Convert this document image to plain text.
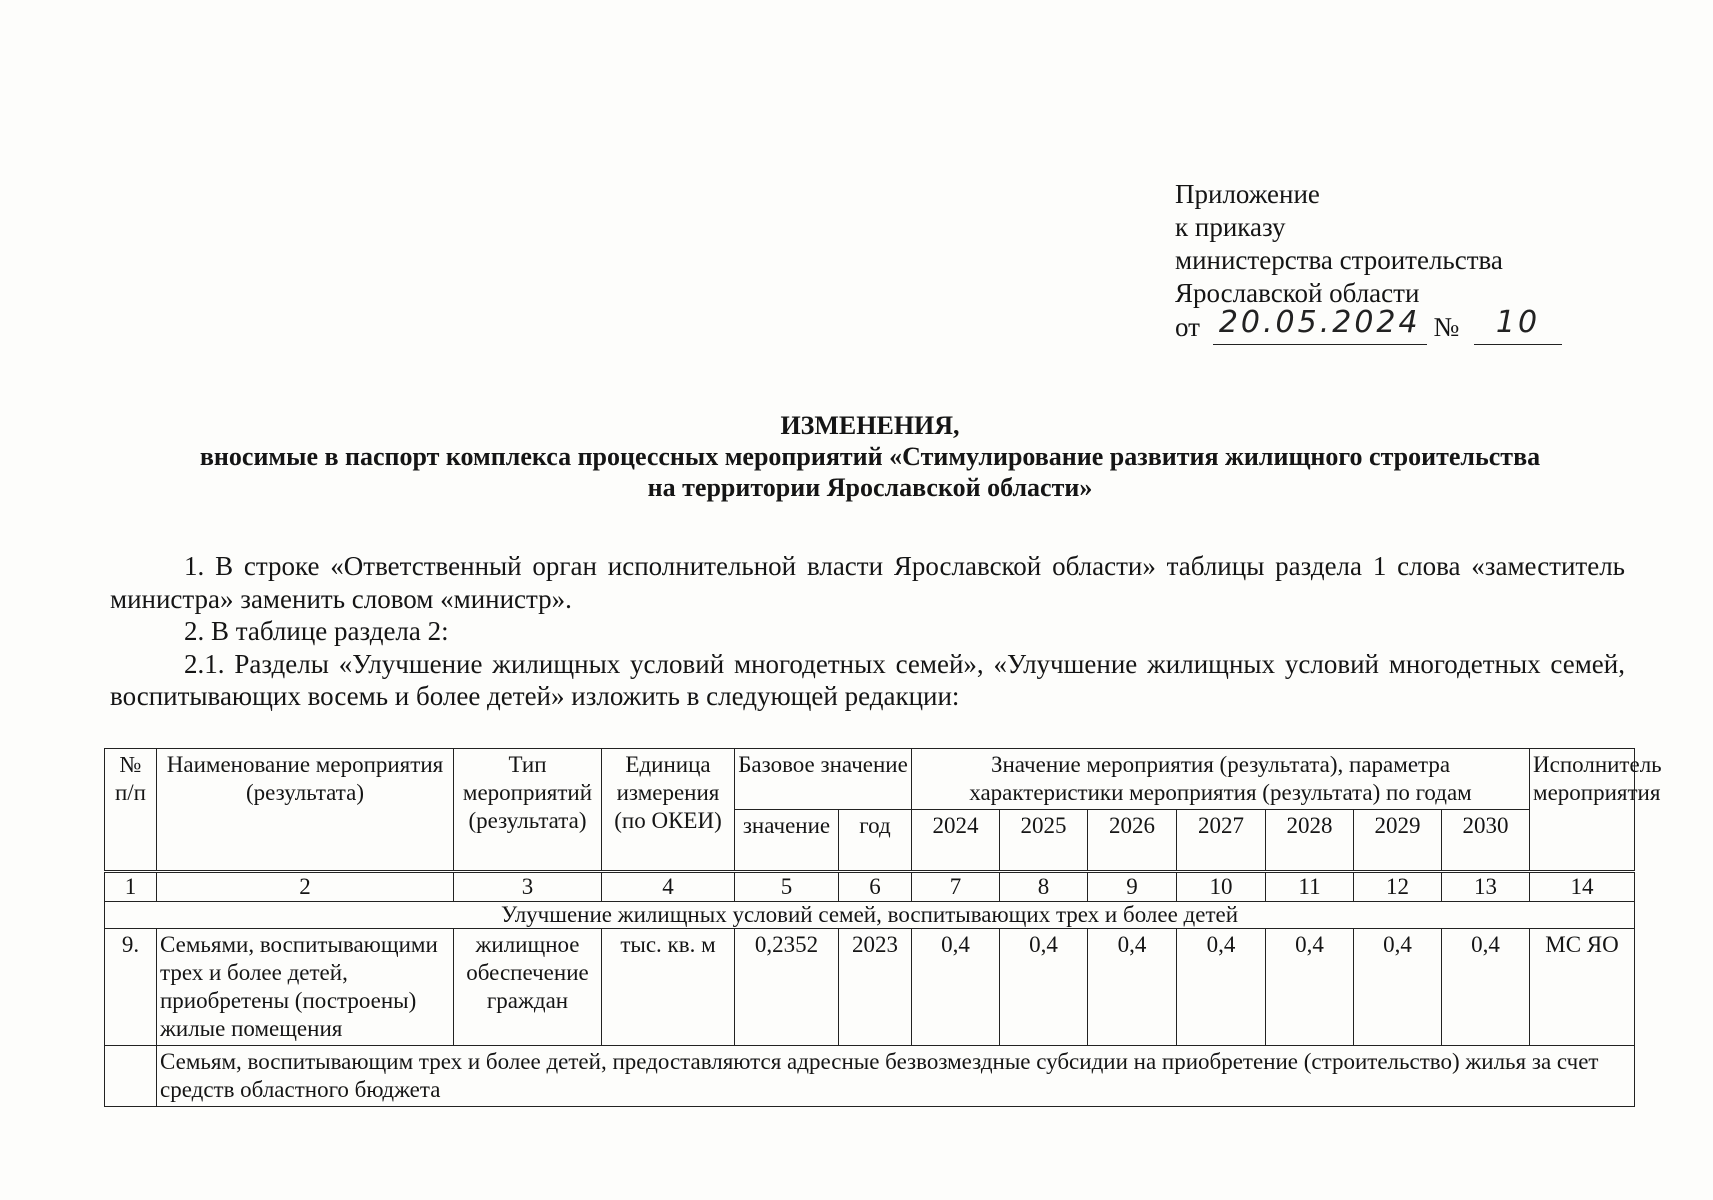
Приложение
к приказу
министерства строительства
Ярославской области
от 20.05.2024 № 10
ИЗМЕНЕНИЯ,
вносимые в паспорт комплекса процессных мероприятий «Стимулирование развития жилищного строительства
на территории Ярославской области»

1. В строке «Ответственный орган исполнительной власти Ярославской области» таблицы раздела 1 слова «заместитель министра» заменить словом «министр».

2. В таблице раздела 2:

2.1. Разделы «Улучшение жилищных условий многодетных семей», «Улучшение жилищных условий многодетных семей, воспитывающих восемь и более детей» изложить в следующей редакции:

№ п/п	Наименование мероприятия (результата)	Тип мероприятий (результата)	Единица измерения (по ОКЕИ)	Базовое значение		Значение мероприятия (результата), параметра характеристики мероприятия (результата) по годам							Исполнитель мероприятия
				значение	год	2024	2025	2026	2027	2028	2029	2030	
1	2	3	4	5	6	7	8	9	10	11	12	13	14
Улучшение жилищных условий семей, воспитывающих трех и более детей													
9.	Семьями, воспитывающими трех и более детей, приобретены (построены) жилые помещения	жилищное обеспечение граждан	тыс. кв. м	0,2352	2023	0,4	0,4	0,4	0,4	0,4	0,4	0,4	МС ЯО
	Семьям, воспитывающим трех и более детей, предоставляются адресные безвозмездные субсидии на приобретение (строительство) жилья за счет средств областного бюджета												
